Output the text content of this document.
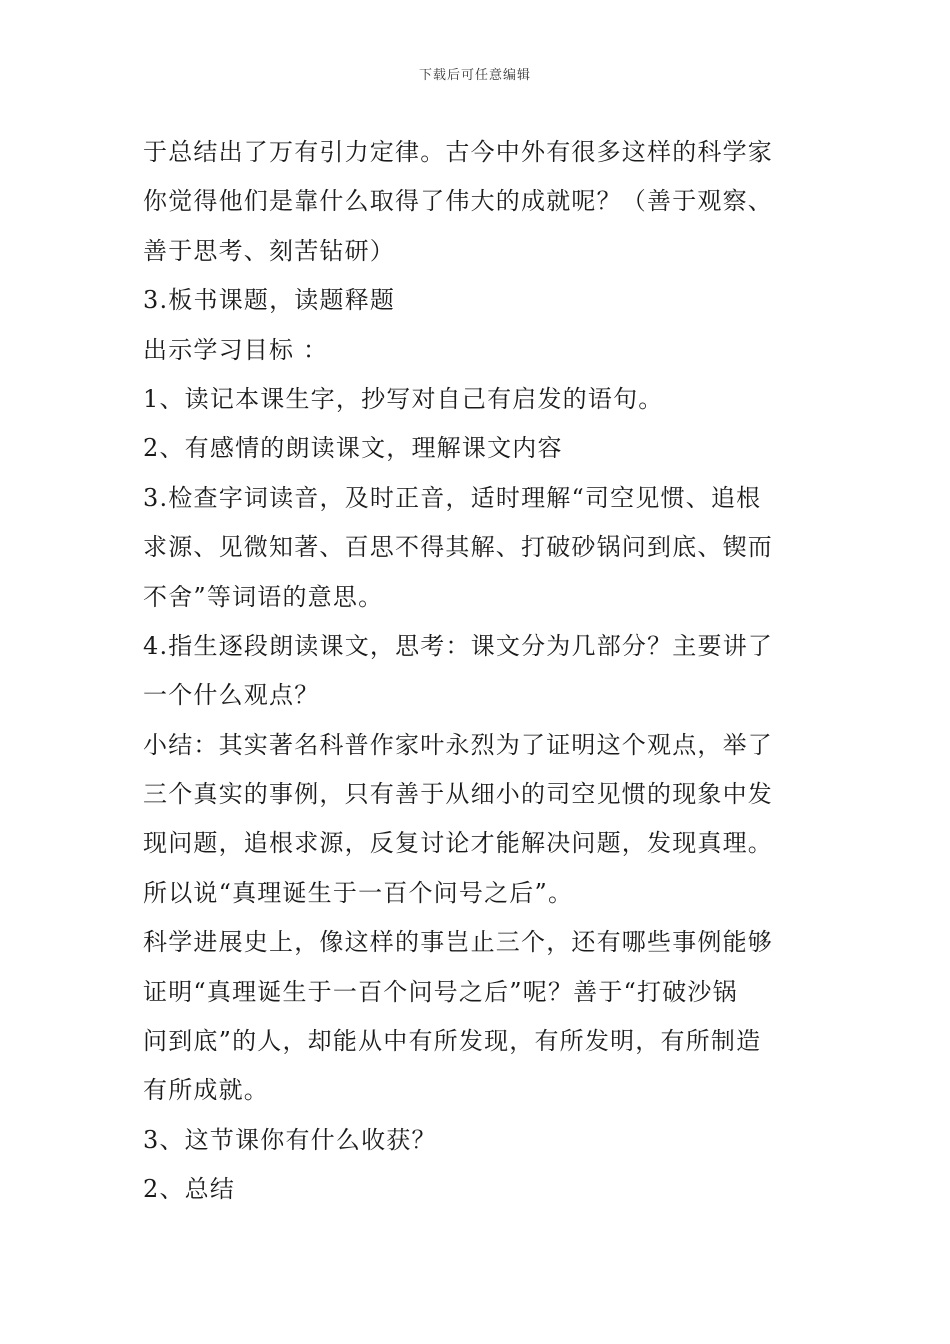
下载后可任意编辑
于总结出了万有引力定律。古今中外有很多这样的科学家
你觉得他们是靠什么取得了伟大的成就呢？（善于观察、
善于思考、刻苦钻研）
3.板书课题，读题释题
出示学习目标 ：
1、读记本课生字，抄写对自己有启发的语句。
2、有感情的朗读课文，理解课文内容
3.检查字词读音，及时正音，适时理解“司空见惯、追根
求源、见微知著、百思不得其解、打破砂锅问到底、锲而
不舍”等词语的意思。
4.指生逐段朗读课文，思考：课文分为几部分？主要讲了
一个什么观点？
小结：其实著名科普作家叶永烈为了证明这个观点，举了
三个真实的事例，只有善于从细小的司空见惯的现象中发
现问题，追根求源，反复讨论才能解决问题，发现真理。
所以说“真理诞生于一百个问号之后”。
科学进展史上，像这样的事岂止三个，还有哪些事例能够
证明“真理诞生于一百个问号之后”呢？善于“打破沙锅
问到底”的人，却能从中有所发现，有所发明，有所制造
有所成就。
3、这节课你有什么收获？
2、总结
